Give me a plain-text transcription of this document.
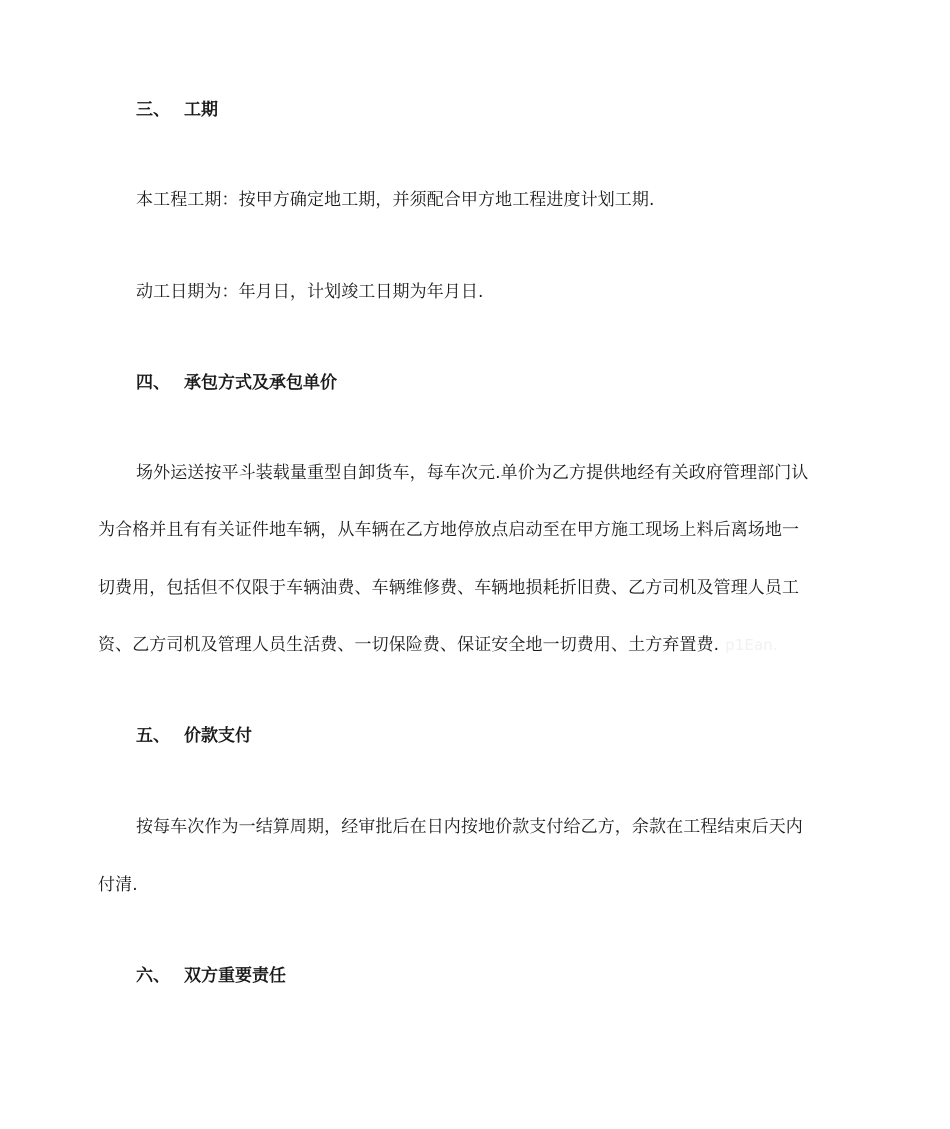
三、 工期
本工程工期：按甲方确定地工期，并须配合甲方地工程进度计划工期.
动工日期为：年月日，计划竣工日期为年月日.
四、 承包方式及承包单价
场外运送按平斗装载量重型自卸货车，每车次元.单价为乙方提供地经有关政府管理部门认
为合格并且有有关证件地车辆，从车辆在乙方地停放点启动至在甲方施工现场上料后离场地一
切费用，包括但不仅限于车辆油费、车辆维修费、车辆地损耗折旧费、乙方司机及管理人员工
资、乙方司机及管理人员生活费、一切保险费、保证安全地一切费用、土方弃置费. p1Ean.
五、 价款支付
按每车次作为一结算周期，经审批后在日内按地价款支付给乙方，余款在工程结束后天内
付清.
六、 双方重要责任
